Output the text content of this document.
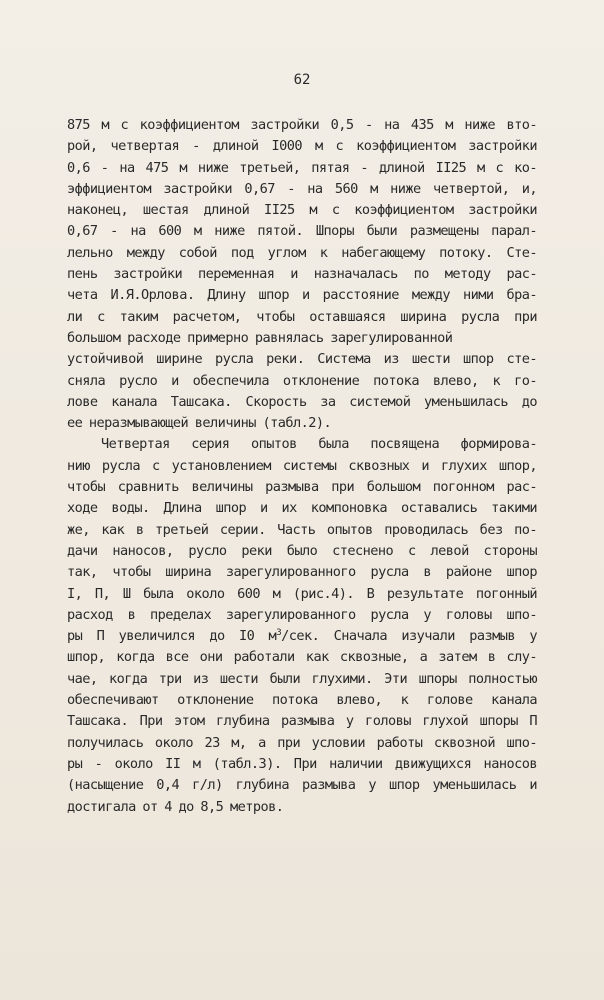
62
875 м с коэффициентом застройки 0,5 - на 435 м ниже вто-
рой, четвертая - длиной I000 м с коэффициентом застройки
0,6 - на 475 м ниже третьей, пятая - длиной II25 м с ко-
эффициентом застройки 0,67 - на 560 м ниже четвертой, и,
наконец, шестая длиной II25 м с коэффициентом застройки
0,67 - на 600 м ниже пятой. Шпоры были размещены парал-
лельно между собой под углом к набегающему потоку. Сте-
пень застройки переменная и назначалась по методу рас-
чета И.Я.Орлова. Длину шпор и расстояние между ними бра-
ли с таким расчетом, чтобы оставшаяся ширина русла при
большом расходе примерно равнялась зарегулированной
устойчивой ширине русла реки. Система из шести шпор сте-
сняла русло и обеспечила отклонение потока влево, к го-
лове канала Ташсака. Скорость за системой уменьшилась до
ее неразмывающей величины (табл.2).
Четвертая серия опытов была посвящена формирова-
нию русла с установлением системы сквозных и глухих шпор,
чтобы сравнить величины размыва при большом погонном рас-
ходе воды. Длина шпор и их компоновка оставались такими
же, как в третьей серии. Часть опытов проводилась без по-
дачи наносов, русло реки было стеснено с левой стороны
так, чтобы ширина зарегулированного русла в районе шпор
I, П, Ш была около 600 м (рис.4). В результате погонный
расход в пределах зарегулированного русла у головы шпо-
ры П увеличился до I0 $м^3$/сек. Сначала изучали размыв у
шпор, когда все они работали как сквозные, а затем в слу-
чае, когда три из шести были глухими. Эти шпоры полностью
обеспечивают отклонение потока влево, к голове канала
Ташсака. При этом глубина размыва у головы глухой шпоры П
получилась около 23 м, а при условии работы сквозной шпо-
ры - около II м (табл.3). При наличии движущихся наносов
(насыщение 0,4 г/л) глубина размыва у шпор уменьшилась и
достигала от 4 до 8,5 метров.
